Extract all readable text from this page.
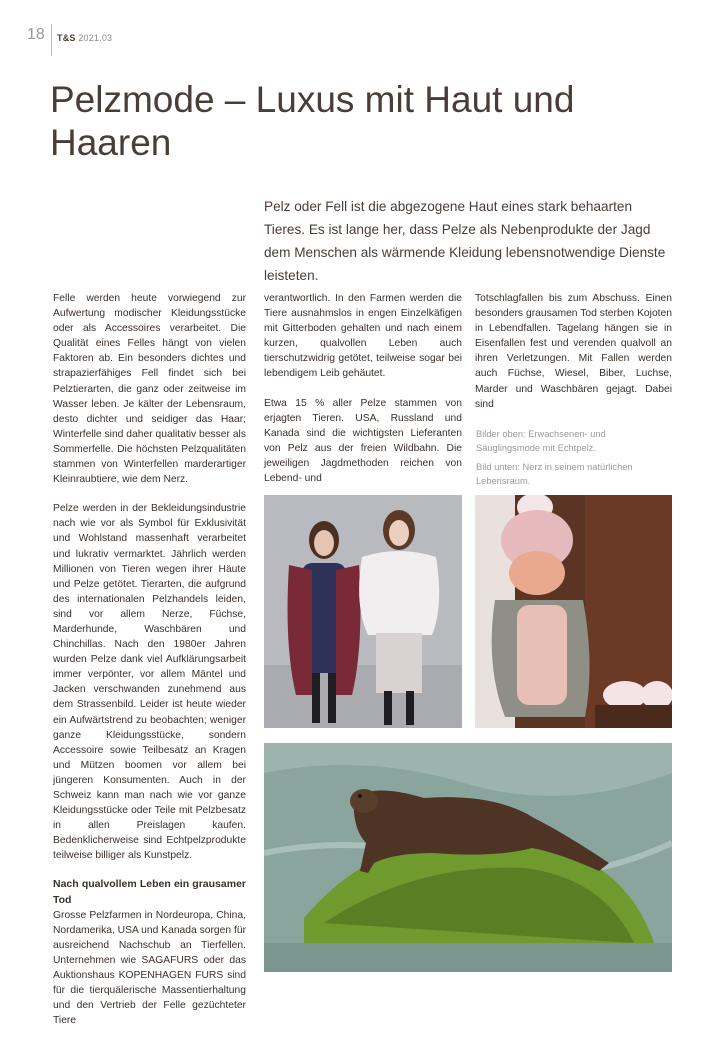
18 T&S 2021.03
Pelzmode – Luxus mit Haut und Haaren

Pelz oder Fell ist die abgezogene Haut eines stark behaarten Tieres. Es ist lange her, dass Pelze als Nebenprodukte der Jagd dem Menschen als wärmende Kleidung lebensnotwendige Dienste leisteten.

Felle werden heute vorwiegend zur Aufwertung modischer Kleidungsstücke oder als Accessoires verarbeitet. Die Qualität eines Felles hängt von vielen Faktoren ab. Ein besonders dichtes und strapazierfähiges Fell findet sich bei Pelztierarten, die ganz oder zeitweise im Wasser leben. Je kälter der Lebensraum, desto dichter und seidiger das Haar; Winterfelle sind daher qualitativ besser als Sommerfelle. Die höchsten Pelzqualitäten stammen von Winterfellen marderartiger Kleinraubtiere, wie dem Nerz.

Pelze werden in der Bekleidungsindustrie nach wie vor als Symbol für Exklusivität und Wohlstand massenhaft verarbeitet und lukrativ vermarktet. Jährlich werden Millionen von Tieren wegen ihrer Häute und Pelze getötet. Tierarten, die aufgrund des internationalen Pelzhandels leiden, sind vor allem Nerze, Füchse, Marderhunde, Waschbären und Chinchillas. Nach den 1980er Jahren wurden Pelze dank viel Aufklärungsarbeit immer verpönter, vor allem Mäntel und Jacken verschwanden zunehmend aus dem Strassenbild. Leider ist heute wieder ein Aufwärtstrend zu beobachten; weniger ganze Kleidungsstücke, sondern Accessoire sowie Teilbesatz an Kragen und Mützen boomen vor allem bei jüngeren Konsumenten. Auch in der Schweiz kann man nach wie vor ganze Kleidungsstücke oder Teile mit Pelzbesatz in allen Preislagen kaufen. Bedenklicherweise sind Echtpelzprodukte teilweise billiger als Kunstpelz.

Nach qualvollem Leben ein grausamer Tod

Grosse Pelzfarmen in Nordeuropa, China, Nordamerika, USA und Kanada sorgen für ausreichend Nachschub an Tierfellen. Unternehmen wie SAGAFURS oder das Auktionshaus KOPENHAGEN FURS sind für die tierquälerische Massentierhaltung und den Vertrieb der Felle gezüchteter Tiere

verantwortlich. In den Farmen werden die Tiere ausnahmslos in engen Einzelkäfigen mit Gitterboden gehalten und nach einem kurzen, qualvollen Leben auch tierschutzwidrig getötet, teilweise sogar bei lebendigem Leib gehäutet.

Etwa 15 % aller Pelze stammen von erjagten Tieren. USA, Russland und Kanada sind die wichtigsten Lieferanten von Pelz aus der freien Wildbahn. Die jeweiligen Jagdmethoden reichen von Lebend- und

Totschlagfallen bis zum Abschuss. Einen besonders grausamen Tod sterben Kojoten in Lebendfallen. Tagelang hängen sie in Eisenfallen fest und verenden qualvoll an ihren Verletzungen. Mit Fallen werden auch Füchse, Wiesel, Biber, Luchse, Marder und Waschbären gejagt. Dabei sind

Bilder oben: Erwachsenen- und Säuglingsmode mit Echtpelz.

Bild unten: Nerz in seinem natürlichen Lebensraum.
